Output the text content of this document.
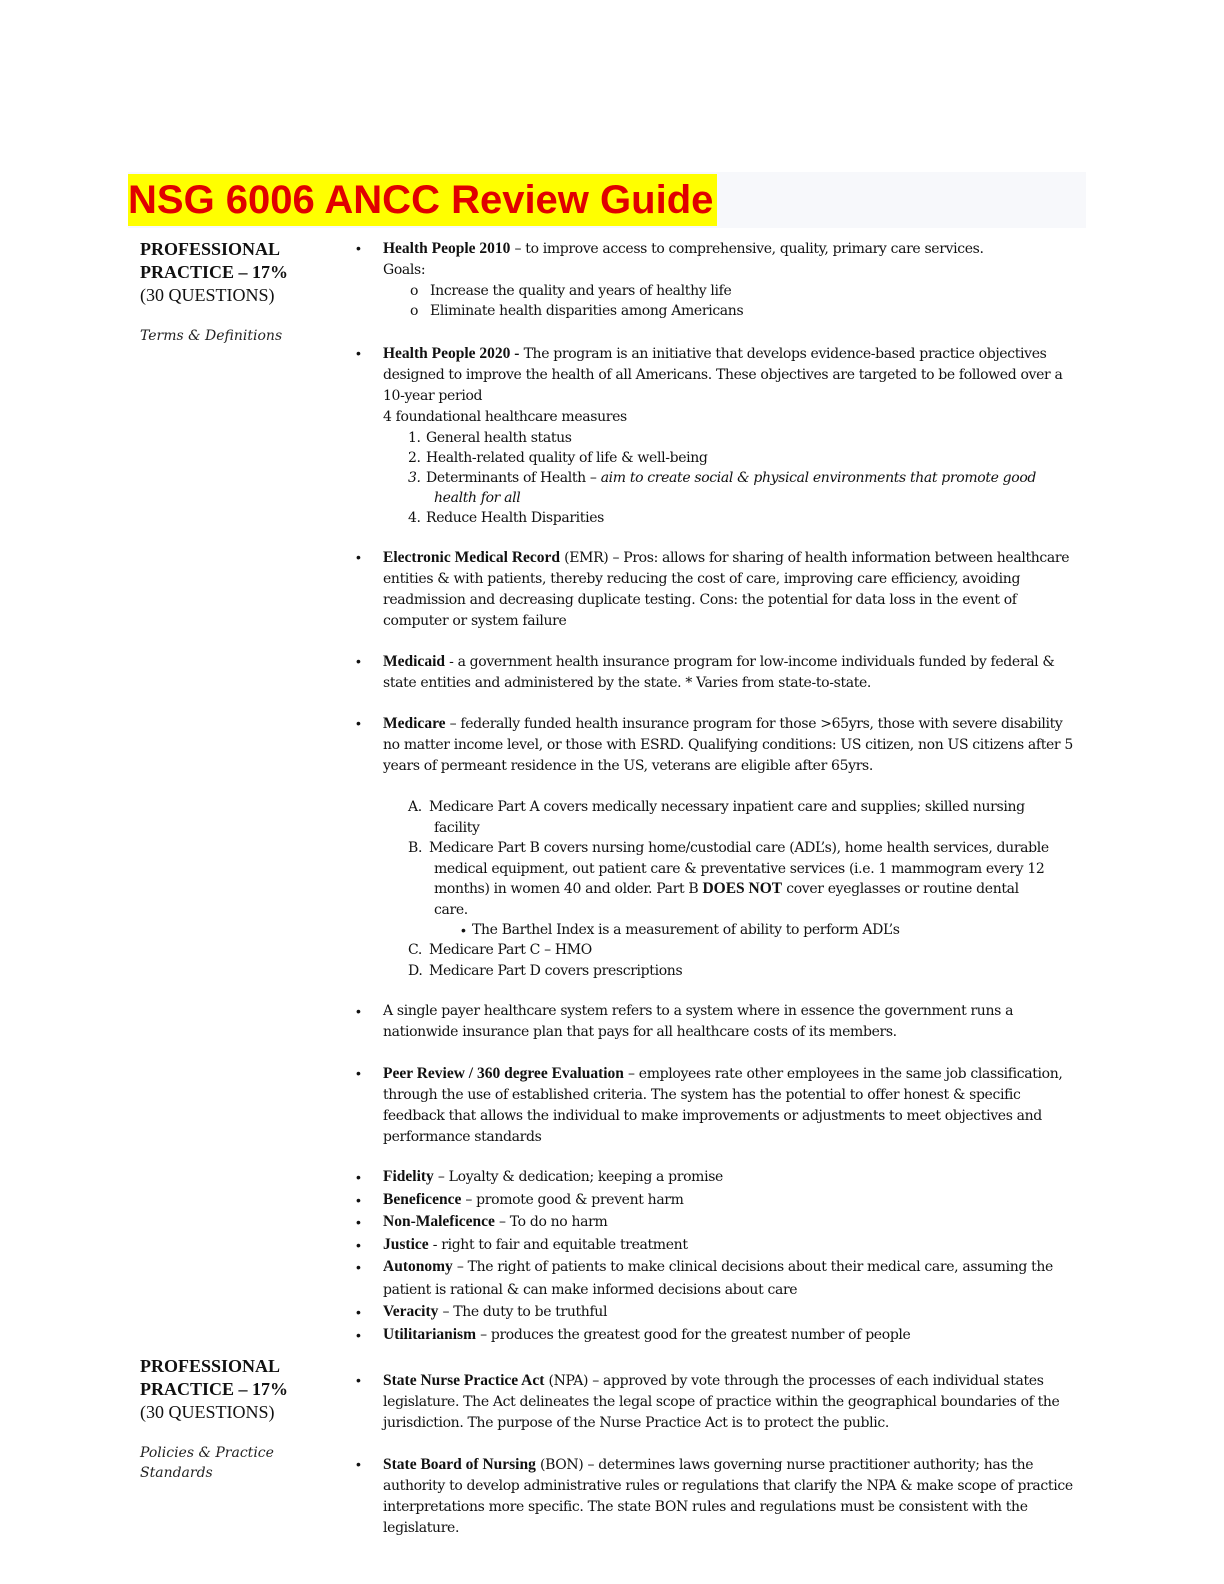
NSG 6006 ANCC Review Guide
PROFESSIONAL PRACTICE – 17%
(30 QUESTIONS)
Terms & Definitions
PROFESSIONAL PRACTICE – 17%
(30 QUESTIONS)
Policies & Practice Standards
• Health People 2010 – to improve access to comprehensive, quality, primary care services.
Goals:
o Increase the quality and years of healthy life
o Eliminate health disparities among Americans
• Health People 2020 - The program is an initiative that develops evidence-based practice objectives designed to improve the health of all Americans. These objectives are targeted to be followed over a 10-year period
4 foundational healthcare measures
1. General health status
2. Health-related quality of life & well-being
3. Determinants of Health – aim to create social & physical environments that promote good
health for all
4. Reduce Health Disparities
• Electronic Medical Record (EMR) – Pros: allows for sharing of health information between healthcare entities & with patients, thereby reducing the cost of care, improving care efficiency, avoiding readmission and decreasing duplicate testing. Cons: the potential for data loss in the event of computer or system failure
• Medicaid - a government health insurance program for low-income individuals funded by federal & state entities and administered by the state. * Varies from state-to-state.
• Medicare – federally funded health insurance program for those >65yrs, those with severe disability no matter income level, or those with ESRD. Qualifying conditions: US citizen, non US citizens after 5 years of permeant residence in the US, veterans are eligible after 65yrs.
A. Medicare Part A covers medically necessary inpatient care and supplies; skilled nursing
facility
B. Medicare Part B covers nursing home/custodial care (ADL’s), home health services, durable
medical equipment, out patient care & preventative services (i.e. 1 mammogram every 12
months) in women 40 and older. Part B DOES NOT cover eyeglasses or routine dental
care.
• The Barthel Index is a measurement of ability to perform ADL’s
C. Medicare Part C – HMO
D. Medicare Part D covers prescriptions
• A single payer healthcare system refers to a system where in essence the government runs a nationwide insurance plan that pays for all healthcare costs of its members.
• Peer Review / 360 degree Evaluation – employees rate other employees in the same job classification, through the use of established criteria. The system has the potential to offer honest & specific feedback that allows the individual to make improvements or adjustments to meet objectives and performance standards
• Fidelity – Loyalty & dedication; keeping a promise
• Beneficence – promote good & prevent harm
• Non-Maleficence – To do no harm
• Justice - right to fair and equitable treatment
• Autonomy – The right of patients to make clinical decisions about their medical care, assuming the patient is rational & can make informed decisions about care
• Veracity – The duty to be truthful
• Utilitarianism – produces the greatest good for the greatest number of people
• State Nurse Practice Act (NPA) – approved by vote through the processes of each individual states legislature. The Act delineates the legal scope of practice within the geographical boundaries of the jurisdiction. The purpose of the Nurse Practice Act is to protect the public.
• State Board of Nursing (BON) – determines laws governing nurse practitioner authority; has the authority to develop administrative rules or regulations that clarify the NPA & make scope of practice interpretations more specific. The state BON rules and regulations must be consistent with the legislature.
